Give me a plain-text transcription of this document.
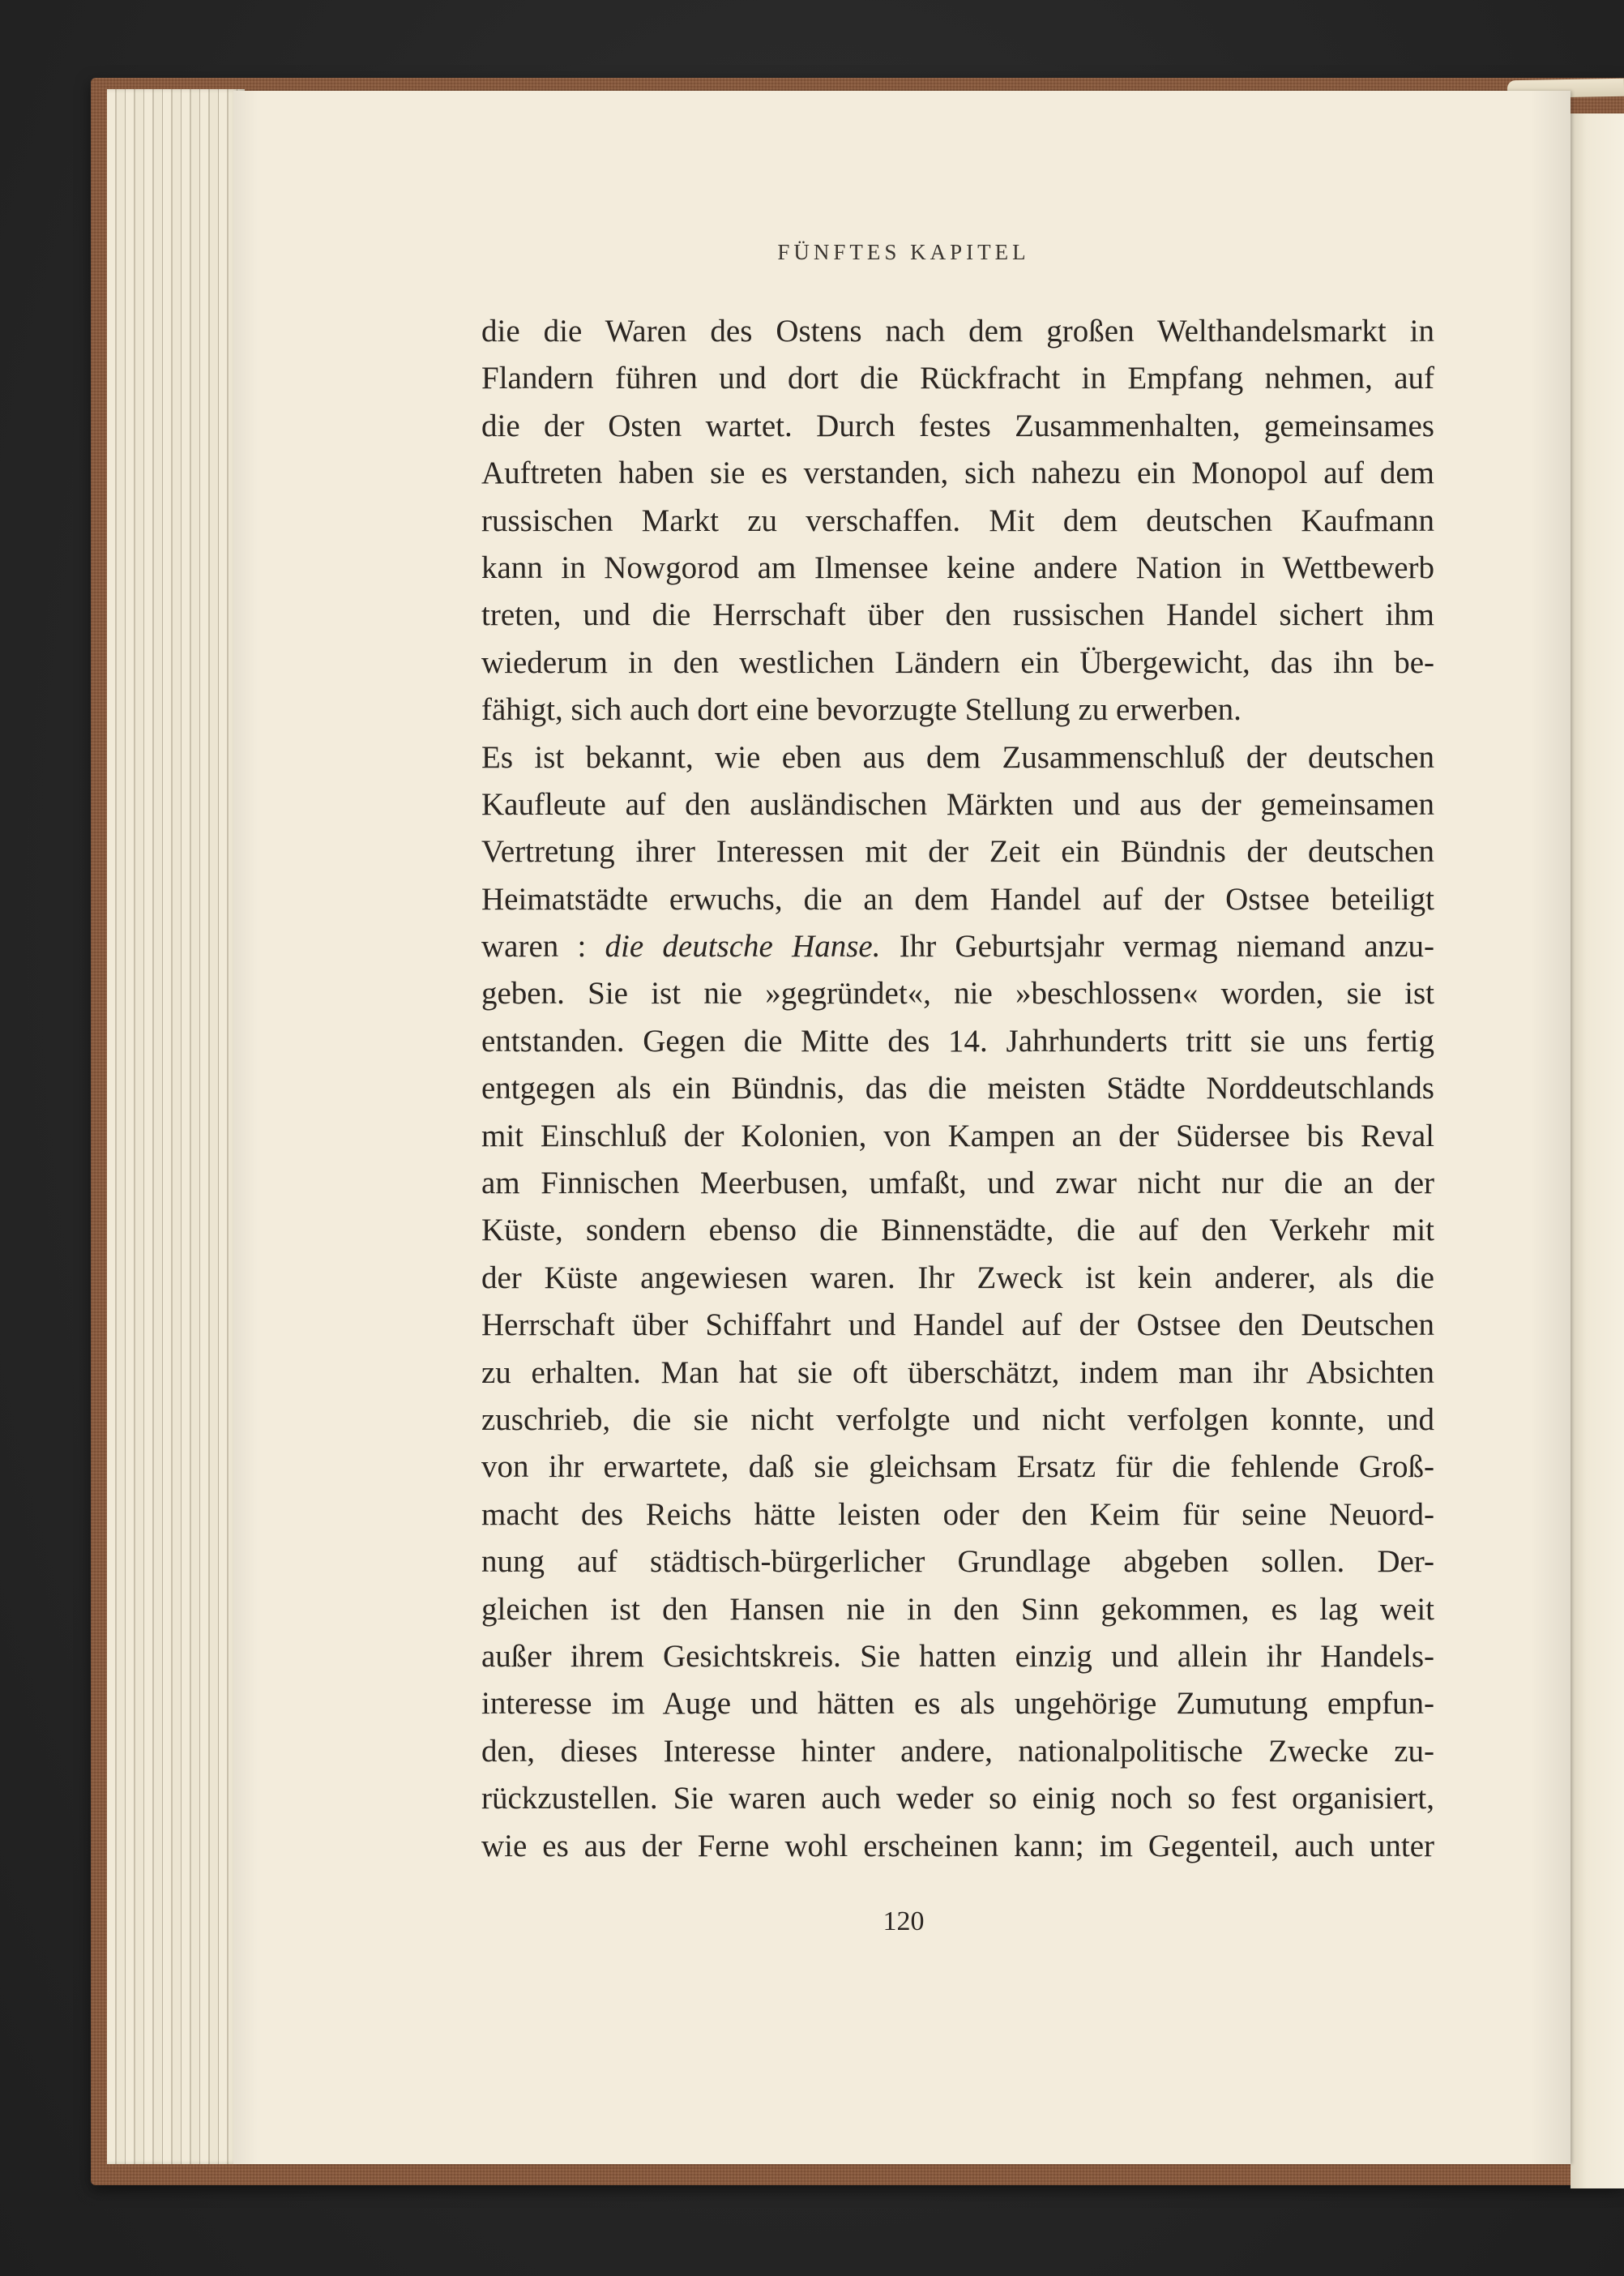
FÜNFTES KAPITEL
die die Waren des Ostens nach dem großen Welthandelsmarkt in
Flandern führen und dort die Rückfracht in Empfang nehmen, auf
die der Osten wartet. Durch festes Zusammenhalten, gemeinsames
Auftreten haben sie es verstanden, sich nahezu ein Monopol auf dem
russischen Markt zu verschaffen. Mit dem deutschen Kaufmann
kann in Nowgorod am Ilmensee keine andere Nation in Wettbewerb
treten, und die Herrschaft über den russischen Handel sichert ihm
wiederum in den westlichen Ländern ein Übergewicht, das ihn be-
fähigt, sich auch dort eine bevorzugte Stellung zu erwerben.
Es ist bekannt, wie eben aus dem Zusammenschluß der deutschen
Kaufleute auf den ausländischen Märkten und aus der gemeinsamen
Vertretung ihrer Interessen mit der Zeit ein Bündnis der deutschen
Heimatstädte erwuchs, die an dem Handel auf der Ostsee beteiligt
waren : die deutsche Hanse. Ihr Geburtsjahr vermag niemand anzu-
geben. Sie ist nie »gegründet«, nie »beschlossen« worden, sie ist
entstanden. Gegen die Mitte des 14. Jahrhunderts tritt sie uns fertig
entgegen als ein Bündnis, das die meisten Städte Norddeutschlands
mit Einschluß der Kolonien, von Kampen an der Südersee bis Reval
am Finnischen Meerbusen, umfaßt, und zwar nicht nur die an der
Küste, sondern ebenso die Binnenstädte, die auf den Verkehr mit
der Küste angewiesen waren. Ihr Zweck ist kein anderer, als die
Herrschaft über Schiffahrt und Handel auf der Ostsee den Deutschen
zu erhalten. Man hat sie oft überschätzt, indem man ihr Absichten
zuschrieb, die sie nicht verfolgte und nicht verfolgen konnte, und
von ihr erwartete, daß sie gleichsam Ersatz für die fehlende Groß-
macht des Reichs hätte leisten oder den Keim für seine Neuord-
nung auf städtisch-bürgerlicher Grundlage abgeben sollen. Der-
gleichen ist den Hansen nie in den Sinn gekommen, es lag weit
außer ihrem Gesichtskreis. Sie hatten einzig und allein ihr Handels-
interesse im Auge und hätten es als ungehörige Zumutung empfun-
den, dieses Interesse hinter andere, nationalpolitische Zwecke zu-
rückzustellen. Sie waren auch weder so einig noch so fest organisiert,
wie es aus der Ferne wohl erscheinen kann; im Gegenteil, auch unter
120
